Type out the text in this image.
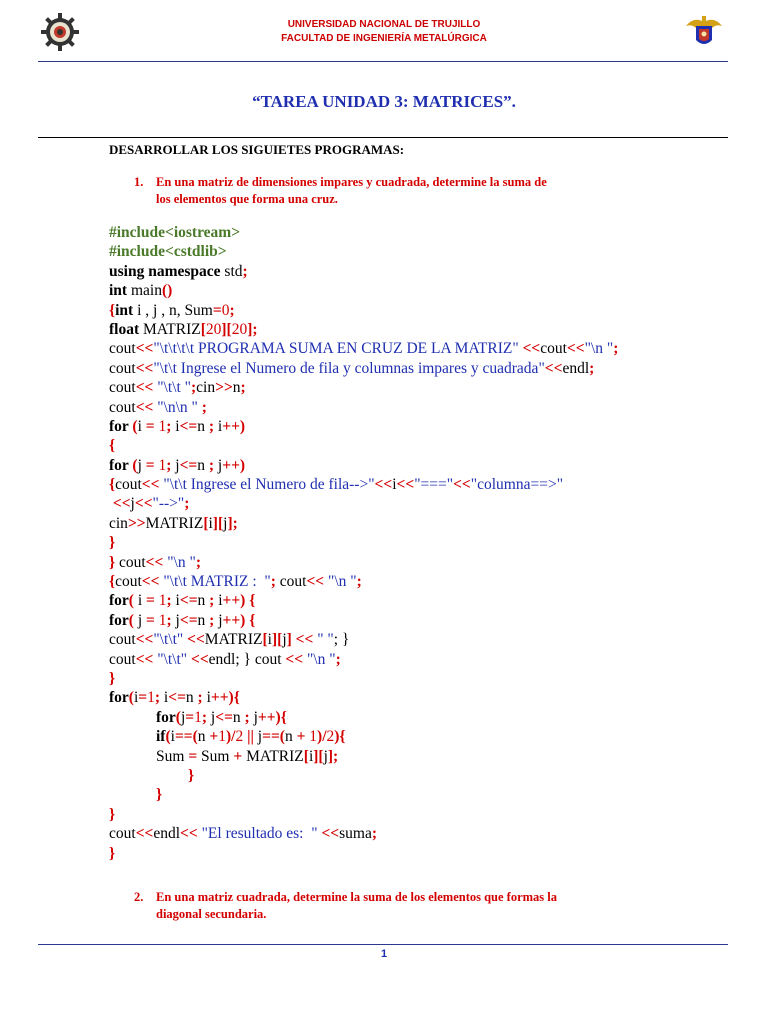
UNIVERSIDAD NACIONAL DE TRUJILLO
FACULTAD DE INGENIERÍA METALÚRGICA
“TAREA UNIDAD 3: MATRICES”.
DESARROLLAR LOS SIGUIETES PROGRAMAS:
1. En una matriz de dimensiones impares y cuadrada, determine la suma de
los elementos que forma una cruz.
#include<iostream>
#include<cstdlib>
using namespace std;
int main()
{int i , j , n, Sum=0;
float MATRIZ[20][20];
cout<<"\t\t\t\t PROGRAMA SUMA EN CRUZ DE LA MATRIZ" <<cout<<"\n ";
cout<<"\t\t Ingrese el Numero de fila y columnas impares y cuadrada"<<endl;
cout<< "\t\t ";cin>>n;
cout<< "\n\n " ;
for (i = 1; i<=n ; i++)
{
for (j = 1; j<=n ; j++)
{cout<< "\t\t Ingrese el Numero de fila-->"<<i<<"==="<<"columna==>"
<<j<<"-->";
cin>>MATRIZ[i][j];
}
} cout<< "\n ";
{cout<< "\t\t MATRIZ :  "; cout<< "\n ";
for( i = 1; i<=n ; i++) {
for( j = 1; j<=n ; j++) {
cout<<"\t\t" <<MATRIZ[i][j] << " "; }
cout<< "\t\t" <<endl; } cout << "\n ";
}
for(i=1; i<=n ; i++){
for(j=1; j<=n ; j++){
if(i==(n +1)/2 || j==(n + 1)/2){
Sum = Sum + MATRIZ[i][j];
}
}
}
cout<<endl<< "El resultado es:  " <<suma;
}
2. En una matriz cuadrada, determine la suma de los elementos que formas la
diagonal secundaria.
1
